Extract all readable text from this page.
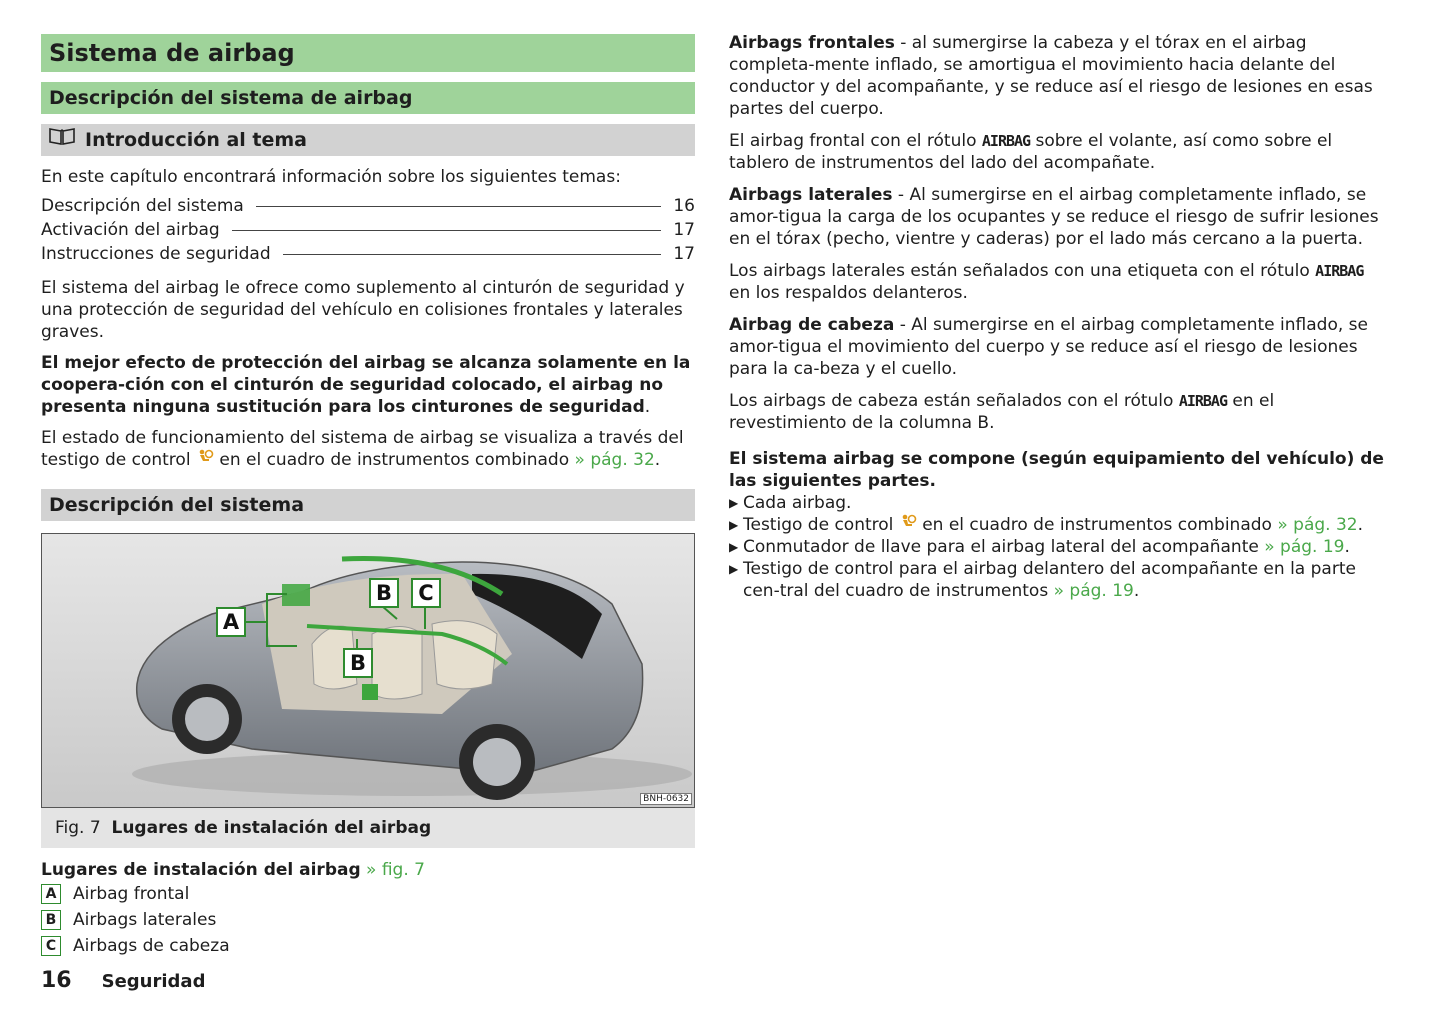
Sistema de airbag
Descripción del sistema de airbag
Introducción al tema

En este capítulo encontrará información sobre los siguientes temas:

Descripción del sistema	16
Activación del airbag	17
Instrucciones de seguridad	17

El sistema del airbag le ofrece como suplemento al cinturón de seguridad y una protección de seguridad del vehículo en colisiones frontales y laterales graves.

El mejor efecto de protección del airbag se alcanza solamente en la coopera-ción con el cinturón de seguridad colocado, el airbag no presenta ninguna sustitución para los cinturones de seguridad.

El estado de funcionamiento del sistema de airbag se visualiza a través del testigo de control en el cuadro de instrumentos combinado » pág. 32.

Descripción del sistema
A
B	C
B
BNH-0632
Fig. 7 Lugares de instalación del airbag
Lugares de instalación del airbag » fig. 7
A Airbag frontal
B Airbags laterales
C Airbags de cabeza

Airbags frontales - al sumergirse la cabeza y el tórax en el airbag completa-mente inflado, se amortigua el movimiento hacia delante del conductor y del acompañante, y se reduce así el riesgo de lesiones en esas partes del cuerpo.

El airbag frontal con el rótulo AIRBAG sobre el volante, así como sobre el tablero de instrumentos del lado del acompañate.

Airbags laterales - Al sumergirse en el airbag completamente inflado, se amor-tigua la carga de los ocupantes y se reduce el riesgo de sufrir lesiones en el tórax (pecho, vientre y caderas) por el lado más cercano a la puerta.

Los airbags laterales están señalados con una etiqueta con el rótulo AIRBAG en los respaldos delanteros.

Airbag de cabeza - Al sumergirse en el airbag completamente inflado, se amor-tigua el movimiento del cuerpo y se reduce así el riesgo de lesiones para la ca-beza y el cuello.

Los airbags de cabeza están señalados con el rótulo AIRBAG en el revestimiento de la columna B.

El sistema airbag se compone (según equipamiento del vehículo) de las siguientes partes.

▶ Cada airbag.
▶ Testigo de control  en el cuadro de instrumentos combinado » pág. 32.
▶ Conmutador de llave para el airbag lateral del acompañante » pág. 19.
▶ Testigo de control para el airbag delantero del acompañante en la parte cen-tral del cuadro de instrumentos » pág. 19.
16 Seguridad
